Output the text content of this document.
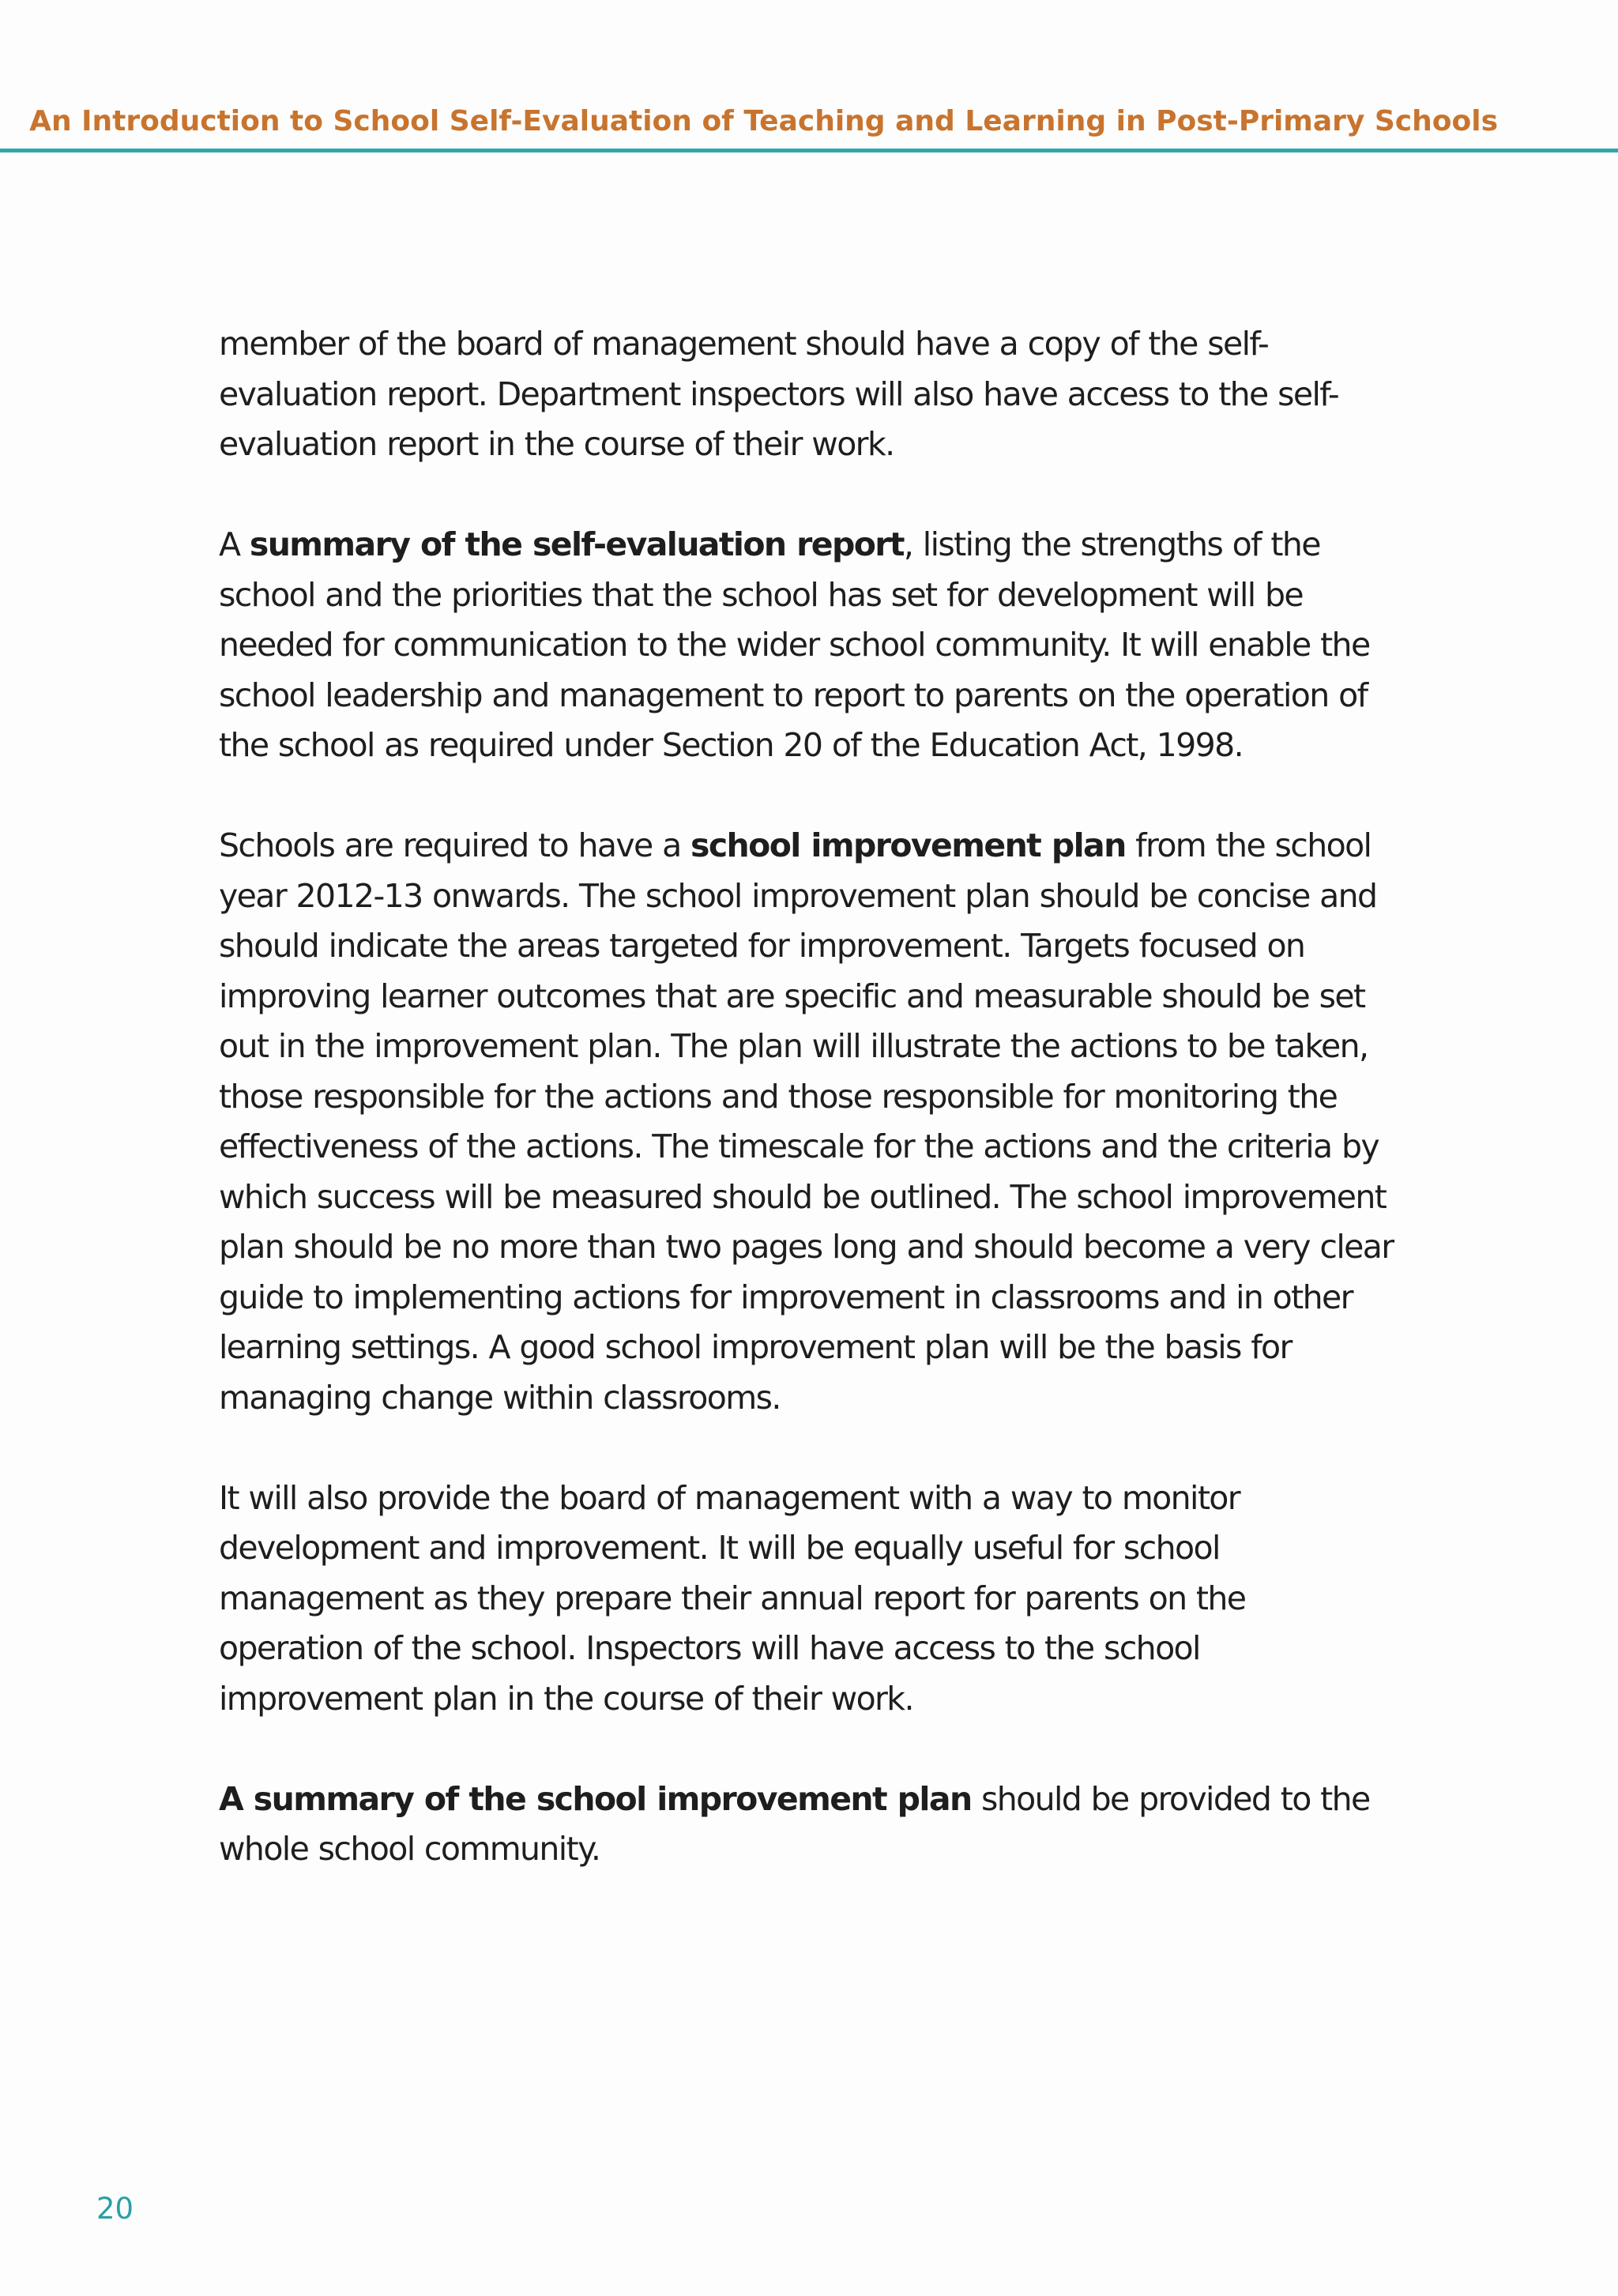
An Introduction to School Self-Evaluation of Teaching and Learning in Post-Primary Schools

member of the board of management should have a copy of the self-
evaluation report. Department inspectors will also have access to the self-
evaluation report in the course of their work.

A summary of the self-evaluation report, listing the strengths of the
school and the priorities that the school has set for development will be
needed for communication to the wider school community. It will enable the
school leadership and management to report to parents on the operation of
the school as required under Section 20 of the Education Act, 1998.

Schools are required to have a school improvement plan from the school
year 2012-13 onwards. The school improvement plan should be concise and
should indicate the areas targeted for improvement. Targets focused on
improving learner outcomes that are specific and measurable should be set
out in the improvement plan. The plan will illustrate the actions to be taken,
those responsible for the actions and those responsible for monitoring the
effectiveness of the actions. The timescale for the actions and the criteria by
which success will be measured should be outlined. The school improvement
plan should be no more than two pages long and should become a very clear
guide to implementing actions for improvement in classrooms and in other
learning settings. A good school improvement plan will be the basis for
managing change within classrooms.

It will also provide the board of management with a way to monitor
development and improvement. It will be equally useful for school
management as they prepare their annual report for parents on the
operation of the school. Inspectors will have access to the school
improvement plan in the course of their work.

A summary of the school improvement plan should be provided to the
whole school community.

20
